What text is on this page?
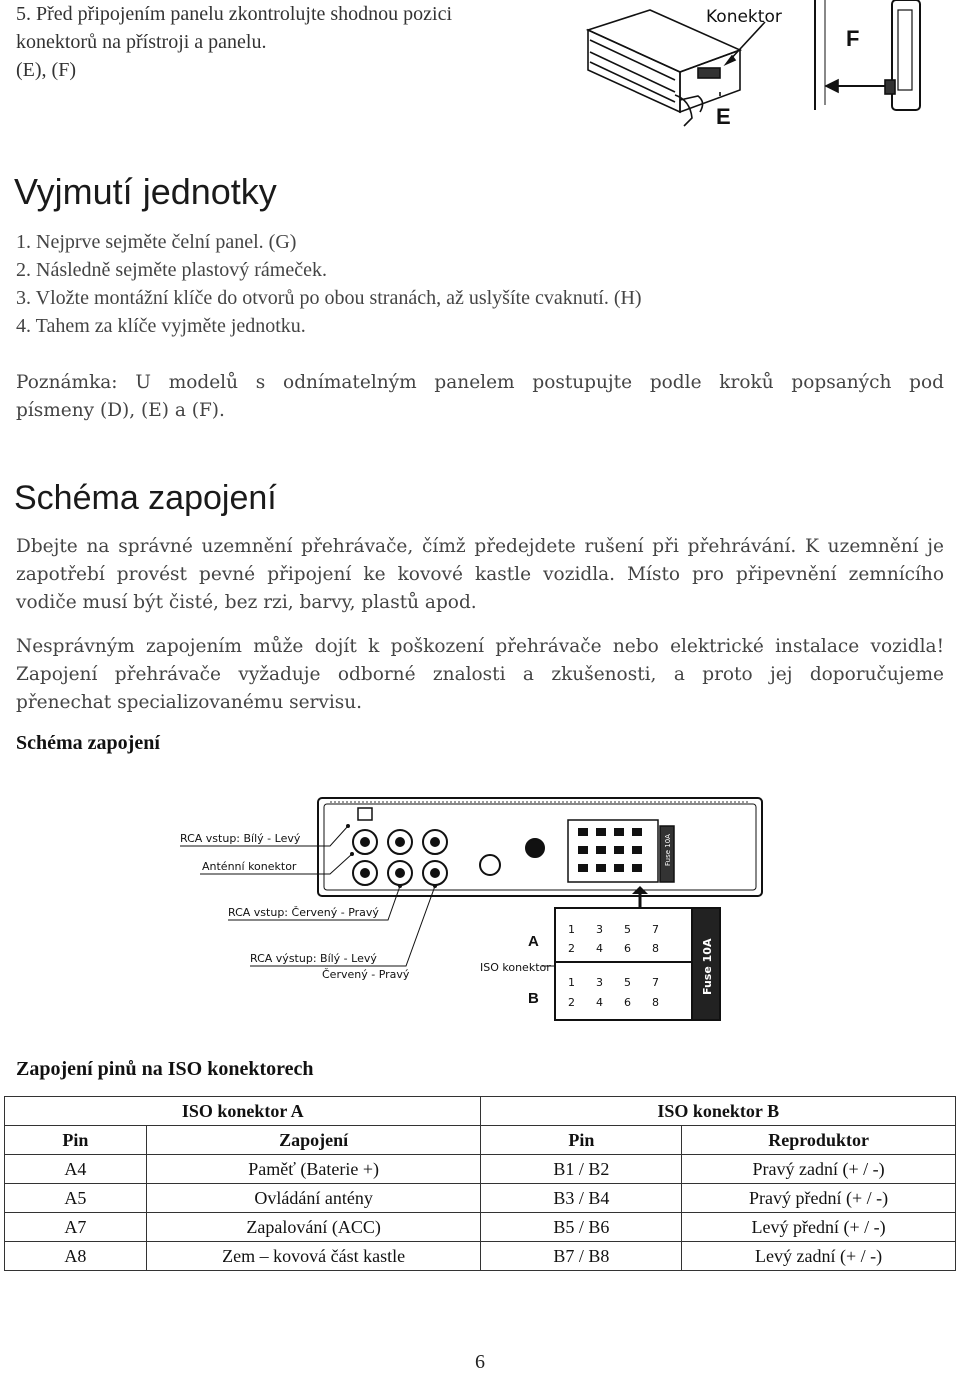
5. Před připojením panelu zkontrolujte shodnou pozici
konektorů na přístroji a panelu.
(E), (F)
Konektor
F
E
Vyjmutí jednotky
1. Nejprve sejměte čelní panel. (G)
2. Následně sejměte plastový rámeček.
3. Vložte montážní klíče do otvorů po obou stranách, až uslyšíte cvaknutí. (H)
4. Tahem za klíče vyjměte jednotku.
Poznámka: U modelů s odnímatelným panelem postupujte podle kroků popsaných pod
písmeny (D), (E) a (F).
Schéma zapojení
Dbejte na správné uzemnění přehrávače, čímž předejdete rušení při přehrávání. K uzemnění je
zapotřebí provést pevné připojení ke kovové kastle vozidla. Místo pro připevnění zemnícího
vodiče musí být čisté, bez rzi, barvy, plastů apod.
Nesprávným zapojením může dojít k poškození přehrávače nebo elektrické instalace vozidla!
Zapojení přehrávače vyžaduje odborné znalosti a zkušenosti, a proto jej doporučujeme
přenechat specializovanému servisu.
Schéma zapojení
Fuse 10A
1 3 5 7
2 4 6 8
1 3 5 7
2 4 6 8
Fuse 10A
A
B
ISO konektor
RCA vstup: Bílý - Levý
Anténní konektor
RCA vstup: Červený - Pravý
RCA výstup: Bílý - Levý
Červený - Pravý
Zapojení pinů na ISO konektorech
ISO konektor A		ISO konektor B	
Pin	Zapojení	Pin	Reproduktor
A4	Paměť (Baterie +)	B1 / B2	Pravý zadní (+ / -)
A5	Ovládání antény	B3 / B4	Pravý přední (+ / -)
A7	Zapalování (ACC)	B5 / B6	Levý přední (+ / -)
A8	Zem – kovová část kastle	B7 / B8	Levý zadní (+ / -)
6
